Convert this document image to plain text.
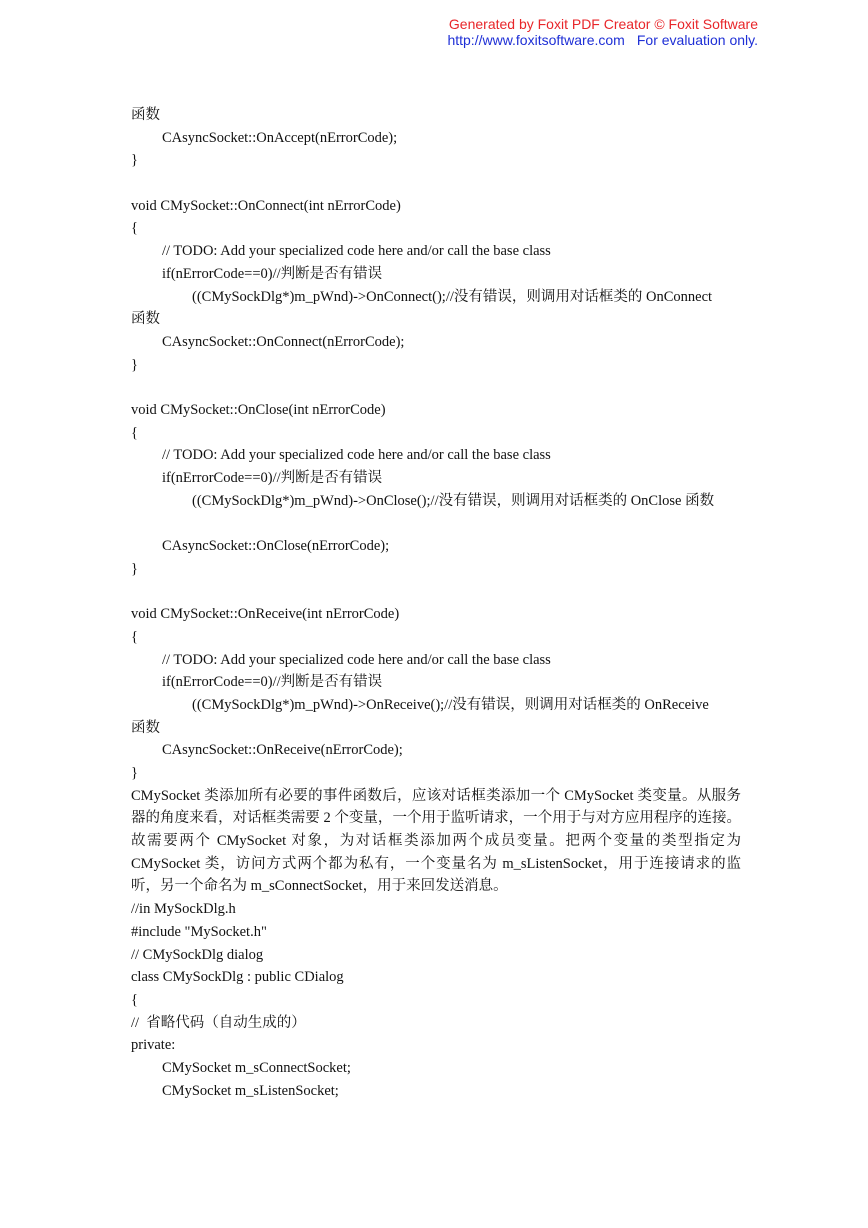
Generated by Foxit PDF Creator © Foxit Software
http://www.foxitsoftware.com For evaluation only.
函数
CAsyncSocket::OnAccept(nErrorCode);
}
void CMySocket::OnConnect(int nErrorCode)
{
// TODO: Add your specialized code here and/or call the base class
if(nErrorCode==0)//判断是否有错误
((CMySockDlg*)m_pWnd)->OnConnect();//没有错误，则调用对话框类的 OnConnect
函数
CAsyncSocket::OnConnect(nErrorCode);
}
void CMySocket::OnClose(int nErrorCode)
{
// TODO: Add your specialized code here and/or call the base class
if(nErrorCode==0)//判断是否有错误
((CMySockDlg*)m_pWnd)->OnClose();//没有错误，则调用对话框类的 OnClose 函数
CAsyncSocket::OnClose(nErrorCode);
}
void CMySocket::OnReceive(int nErrorCode)
{
// TODO: Add your specialized code here and/or call the base class
if(nErrorCode==0)//判断是否有错误
((CMySockDlg*)m_pWnd)->OnReceive();//没有错误，则调用对话框类的 OnReceive
函数
CAsyncSocket::OnReceive(nErrorCode);
}
CMySocket 类添加所有必要的事件函数后，应该对话框类添加一个 CMySocket 类变量。从服务器的角度来看，对话框类需要 2 个变量，一个用于监听请求，一个用于与对方应用程序的连接。故需要两个 CMySocket 对象，为对话框类添加两个成员变量。把两个变量的类型指定为 CMySocket 类，访问方式两个都为私有，一个变量名为 m_sListenSocket，用于连接请求的监听，另一个命名为 m_sConnectSocket，用于来回发送消息。
//in MySockDlg.h
#include "MySocket.h"
// CMySockDlg dialog
class CMySockDlg : public CDialog
{
//  省略代码（自动生成的）
private:
CMySocket m_sConnectSocket;
CMySocket m_sListenSocket;
